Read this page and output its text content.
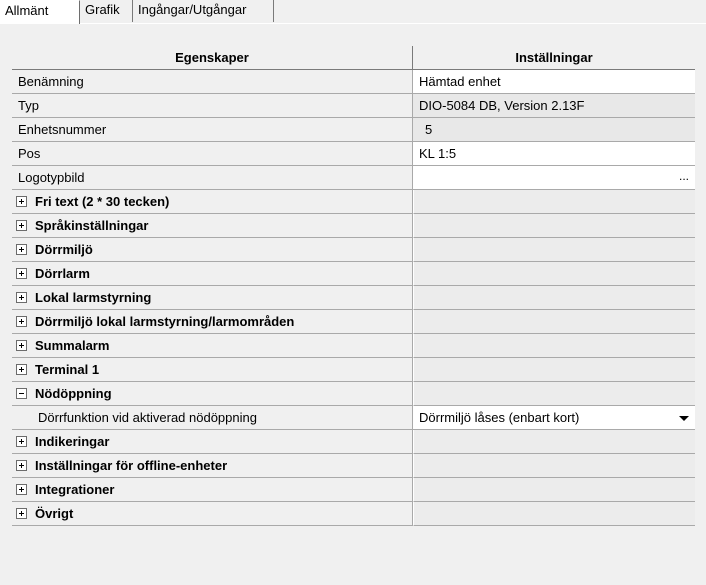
Allmänt	Grafik	Ingångar/Utgångar
Egenskaper	Inställningar
Benämning	Hämtad enhet
Typ	DIO-5084 DB, Version 2.13F
Enhetsnummer	5
Pos	KL 1:5
Logotypbild	...
Fri text (2 * 30 tecken)
Språkinställningar
Dörrmiljö
Dörrlarm
Lokal larmstyrning
Dörrmiljö lokal larmstyrning/larmområden
Summalarm
Terminal 1
Nödöppning
Dörrfunktion vid aktiverad nödöppning	Dörrmiljö låses (enbart kort)
Indikeringar
Inställningar för offline-enheter
Integrationer
Övrigt
